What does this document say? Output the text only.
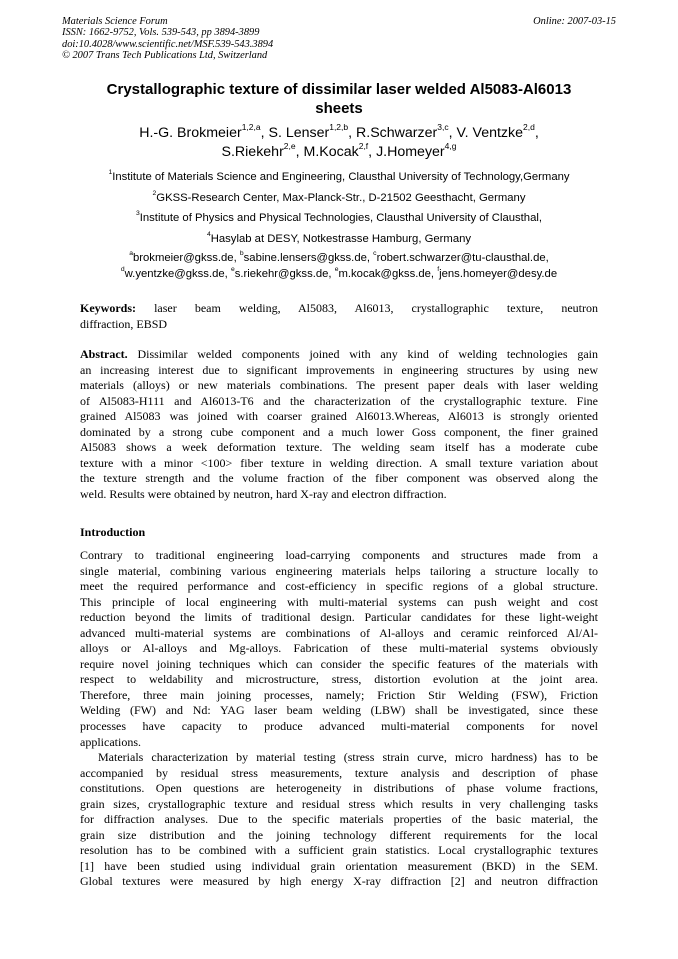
Materials Science Forum
ISSN: 1662-9752, Vols. 539-543, pp 3894-3899
doi:10.4028/www.scientific.net/MSF.539-543.3894
© 2007 Trans Tech Publications Ltd, Switzerland
Online: 2007-03-15
Crystallographic texture of dissimilar laser welded Al5083-Al6013
sheets
H.-G. Brokmeier$^{1,2,a}$, S. Lenser$^{1,2,b}$, R.Schwarzer$^{3,c}$, V. Ventzke$^{2,d}$,
S.Riekehr$^{2,e}$, M.Kocak$^{2,f}$, J.Homeyer$^{4,g}$
$^1$Institute of Materials Science and Engineering, Clausthal University of Technology,Germany
$^2$GKSS-Research Center, Max-Planck-Str., D-21502 Geesthacht, Germany
$^3$Institute of Physics and Physical Technologies, Clausthal University of Clausthal,
$^4$Hasylab at DESY, Notkestrasse Hamburg, Germany
$^a$brokmeier@gkss.de, $^b$sabine.lensers@gkss.de, $^c$robert.schwarzer@tu-clausthal.de,
$^d$w.yentzke@gkss.de, $^e$s.riekehr@gkss.de, $^e$m.kocak@gkss.de, $^f$jens.homeyer@desy.de
Keywords: laser beam welding, Al5083, Al6013, crystallographic texture, neutron
diffraction, EBSD
Abstract. Dissimilar welded components joined with any kind of welding technologies gain
an increasing interest due to significant improvements in engineering structures by using new
materials (alloys) or new materials combinations. The present paper deals with laser welding
of Al5083-H111 and Al6013-T6 and the characterization of the crystallographic texture. Fine
grained Al5083 was joined with coarser grained Al6013.Whereas, Al6013 is strongly oriented
dominated by a strong cube component and a much lower Goss component, the finer grained
Al5083 shows a week deformation texture. The welding seam itself has a moderate cube
texture with a minor <100> fiber texture in welding direction. A small texture variation about
the texture strength and the volume fraction of the fiber component was observed along the
weld. Results were obtained by neutron, hard X-ray and electron diffraction.
Introduction
Contrary to traditional engineering load-carrying components and structures made from a
single material, combining various engineering materials helps tailoring a structure locally to
meet the required performance and cost-efficiency in specific regions of a global structure.
This principle of local engineering with multi-material systems can push weight and cost
reduction beyond the limits of traditional design. Particular candidates for these light-weight
advanced multi-material systems are combinations of Al-alloys and ceramic reinforced Al/Al-
alloys or Al-alloys and Mg-alloys. Fabrication of these multi-material systems obviously
require novel joining techniques which can consider the specific features of the materials with
respect to weldability and microstructure, stress, distortion evolution at the joint area.
Therefore, three main joining processes, namely; Friction Stir Welding (FSW), Friction
Welding (FW) and Nd: YAG laser beam welding (LBW) shall be investigated, since these
processes have capacity to produce advanced multi-material components for novel
applications.
Materials characterization by material testing (stress strain curve, micro hardness) has to be
accompanied by residual stress measurements, texture analysis and description of phase
constitutions. Open questions are heterogeneity in distributions of phase volume fractions,
grain sizes, crystallographic texture and residual stress which results in very challenging tasks
for diffraction analyses. Due to the specific materials properties of the basic material, the
grain size distribution and the joining technology different requirements for the local
resolution has to be combined with a sufficient grain statistics. Local crystallographic textures
[1] have been studied using individual grain orientation measurement (BKD) in the SEM.
Global textures were measured by high energy X-ray diffraction [2] and neutron diffraction
